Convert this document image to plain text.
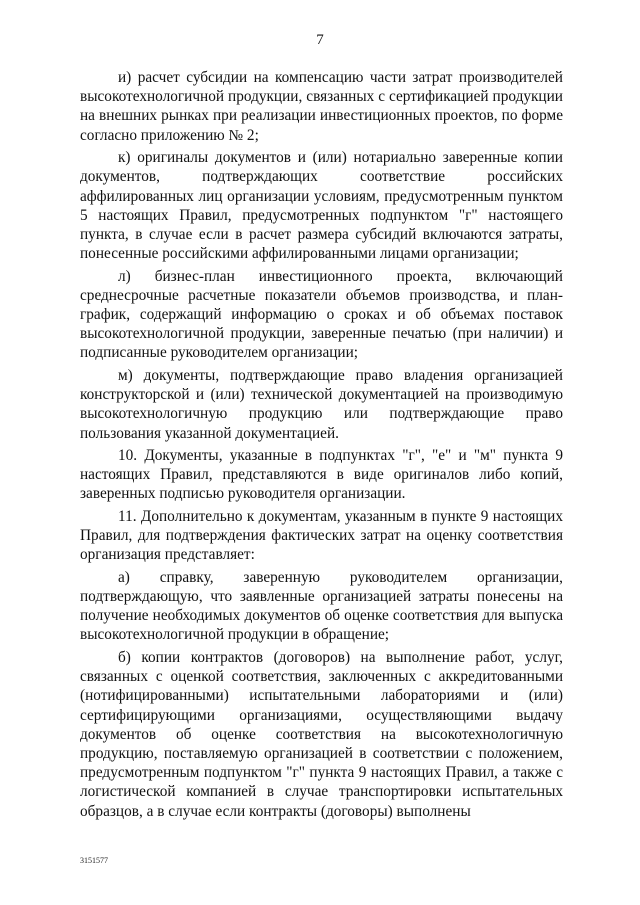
7

и) расчет субсидии на компенсацию части затрат производителей высокотехнологичной продукции, связанных с сертификацией продукции на внешних рынках при реализации инвестиционных проектов, по форме согласно приложению № 2;

к) оригиналы документов и (или) нотариально заверенные копии документов, подтверждающих соответствие российских аффилированных лиц организации условиям, предусмотренным пунктом 5 настоящих Правил, предусмотренных подпунктом "г" настоящего пункта, в случае если в расчет размера субсидий включаются затраты, понесенные российскими аффилированными лицами организации;

л) бизнес-план инвестиционного проекта, включающий среднесрочные расчетные показатели объемов производства, и план-график, содержащий информацию о сроках и об объемах поставок высокотехнологичной продукции, заверенные печатью (при наличии) и подписанные руководителем организации;

м) документы, подтверждающие право владения организацией конструкторской и (или) технической документацией на производимую высокотехнологичную продукцию или подтверждающие право пользования указанной документацией.

10. Документы, указанные в подпунктах "г", "е" и "м" пункта 9 настоящих Правил, представляются в виде оригиналов либо копий, заверенных подписью руководителя организации.

11. Дополнительно к документам, указанным в пункте 9 настоящих Правил, для подтверждения фактических затрат на оценку соответствия организация представляет:

а) справку, заверенную руководителем организации, подтверждающую, что заявленные организацией затраты понесены на получение необходимых документов об оценке соответствия для выпуска высокотехнологичной продукции в обращение;

б) копии контрактов (договоров) на выполнение работ, услуг, связанных с оценкой соответствия, заключенных с аккредитованными (нотифицированными) испытательными лабораториями и (или) сертифицирующими организациями, осуществляющими выдачу документов об оценке соответствия на высокотехнологичную продукцию, поставляемую организацией в соответствии с положением, предусмотренным подпунктом "г" пункта 9 настоящих Правил, а также с логистической компанией в случае транспортировки испытательных образцов, а в случае если контракты (договоры) выполнены

3151577
